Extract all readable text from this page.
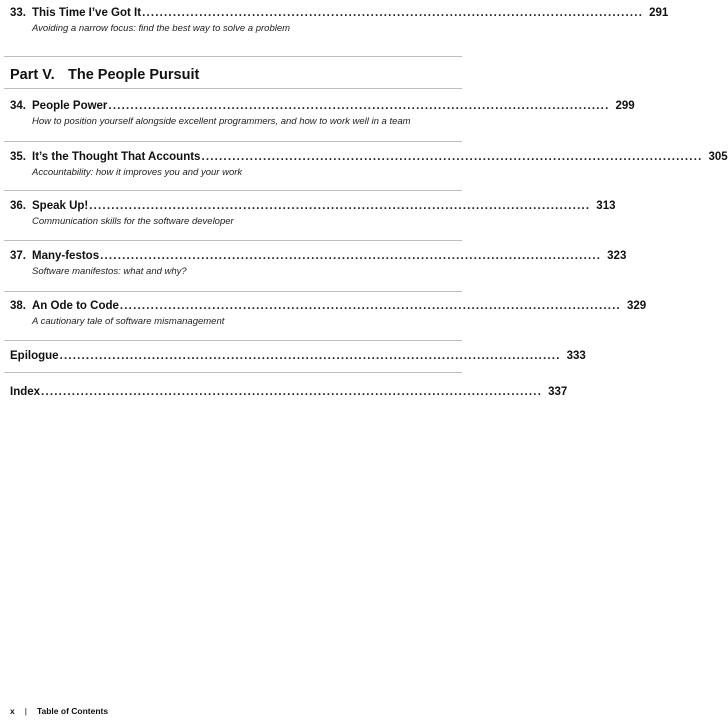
33. This Time I’ve Got It .................................................................................................................. 291
Avoiding a narrow focus: find the best way to solve a problem
Part V. The People Pursuit
34. People Power .................................................................................................................. 299
How to position yourself alongside excellent programmers, and how to work well in a team
35. It’s the Thought That Accounts .................................................................................................................. 305
Accountability: how it improves you and your work
36. Speak Up! .................................................................................................................. 313
Communication skills for the software developer
37. Many-festos .................................................................................................................. 323
Software manifestos: what and why?
38. An Ode to Code .................................................................................................................. 329
A cautionary tale of software mismanagement
Epilogue .................................................................................................................. 333
Index .................................................................................................................. 337
x | Table of Contents
